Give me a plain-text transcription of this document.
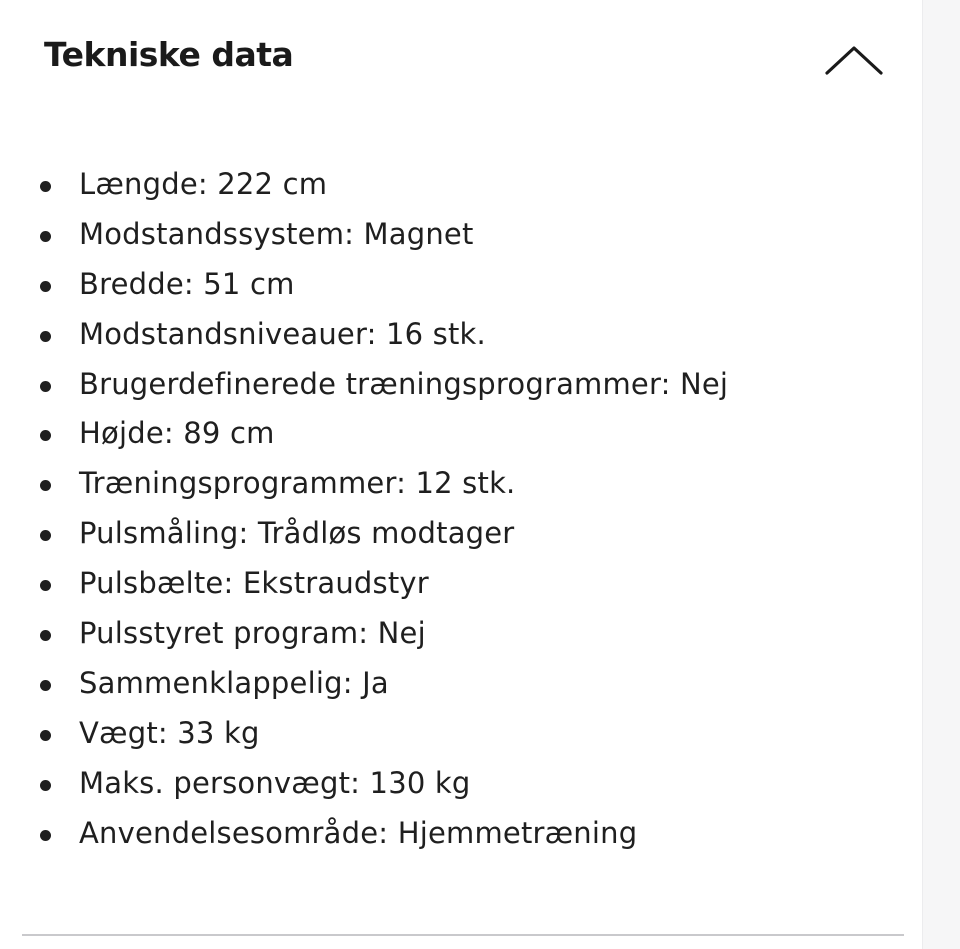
Tekniske data
Længde: 222 cm
Modstandssystem: Magnet
Bredde: 51 cm
Modstandsniveauer: 16 stk.
Brugerdefinerede træningsprogrammer: Nej
Højde: 89 cm
Træningsprogrammer: 12 stk.
Pulsmåling: Trådløs modtager
Pulsbælte: Ekstraudstyr
Pulsstyret program: Nej
Sammenklappelig: Ja
Vægt: 33 kg
Maks. personvægt: 130 kg
Anvendelsesområde: Hjemmetræning
